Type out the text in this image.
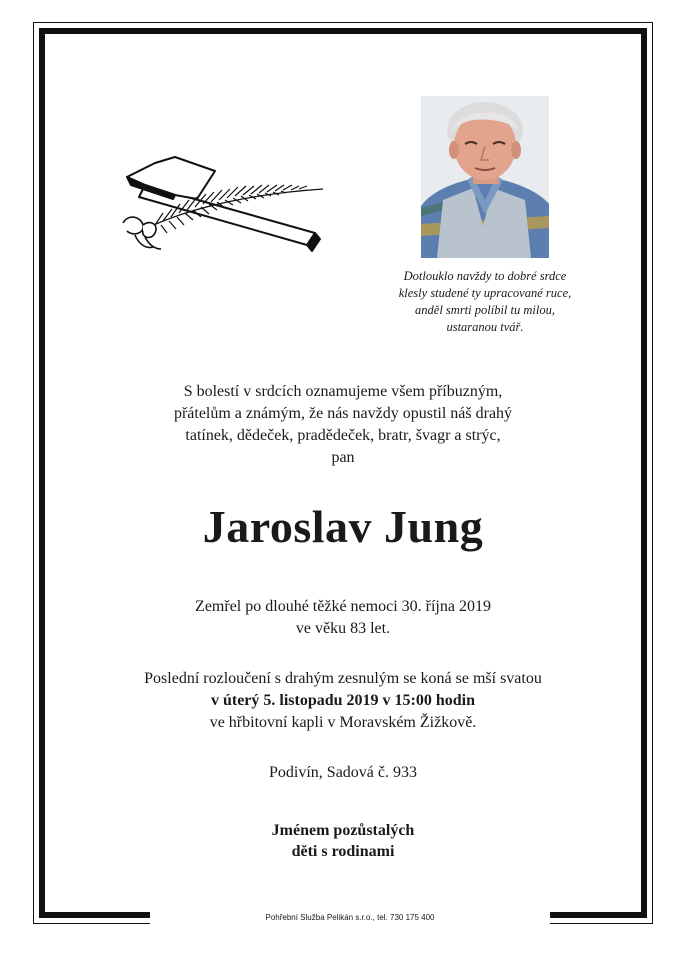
Dotlouklo navždy to dobré srdce
klesly studené ty upracované ruce,
anděl smrti políbil tu milou,
ustaranou tvář.
S bolestí v srdcích oznamujeme všem příbuzným,
přátelům a známým, že nás navždy opustil náš drahý
tatínek, dědeček, pradědeček, bratr, švagr a strýc,
pan
Jaroslav Jung
Zemřel po dlouhé těžké nemoci 30. října 2019
ve věku 83 let.
Poslední rozloučení s drahým zesnulým se koná se mší svatou
v úterý 5. listopadu 2019 v 15:00 hodin
ve hřbitovní kapli v Moravském Žižkově.
Podivín, Sadová č. 933
Jménem pozůstalých
děti s rodinami
Pohřební Služba Pelikán s.r.o., tel. 730 175 400
